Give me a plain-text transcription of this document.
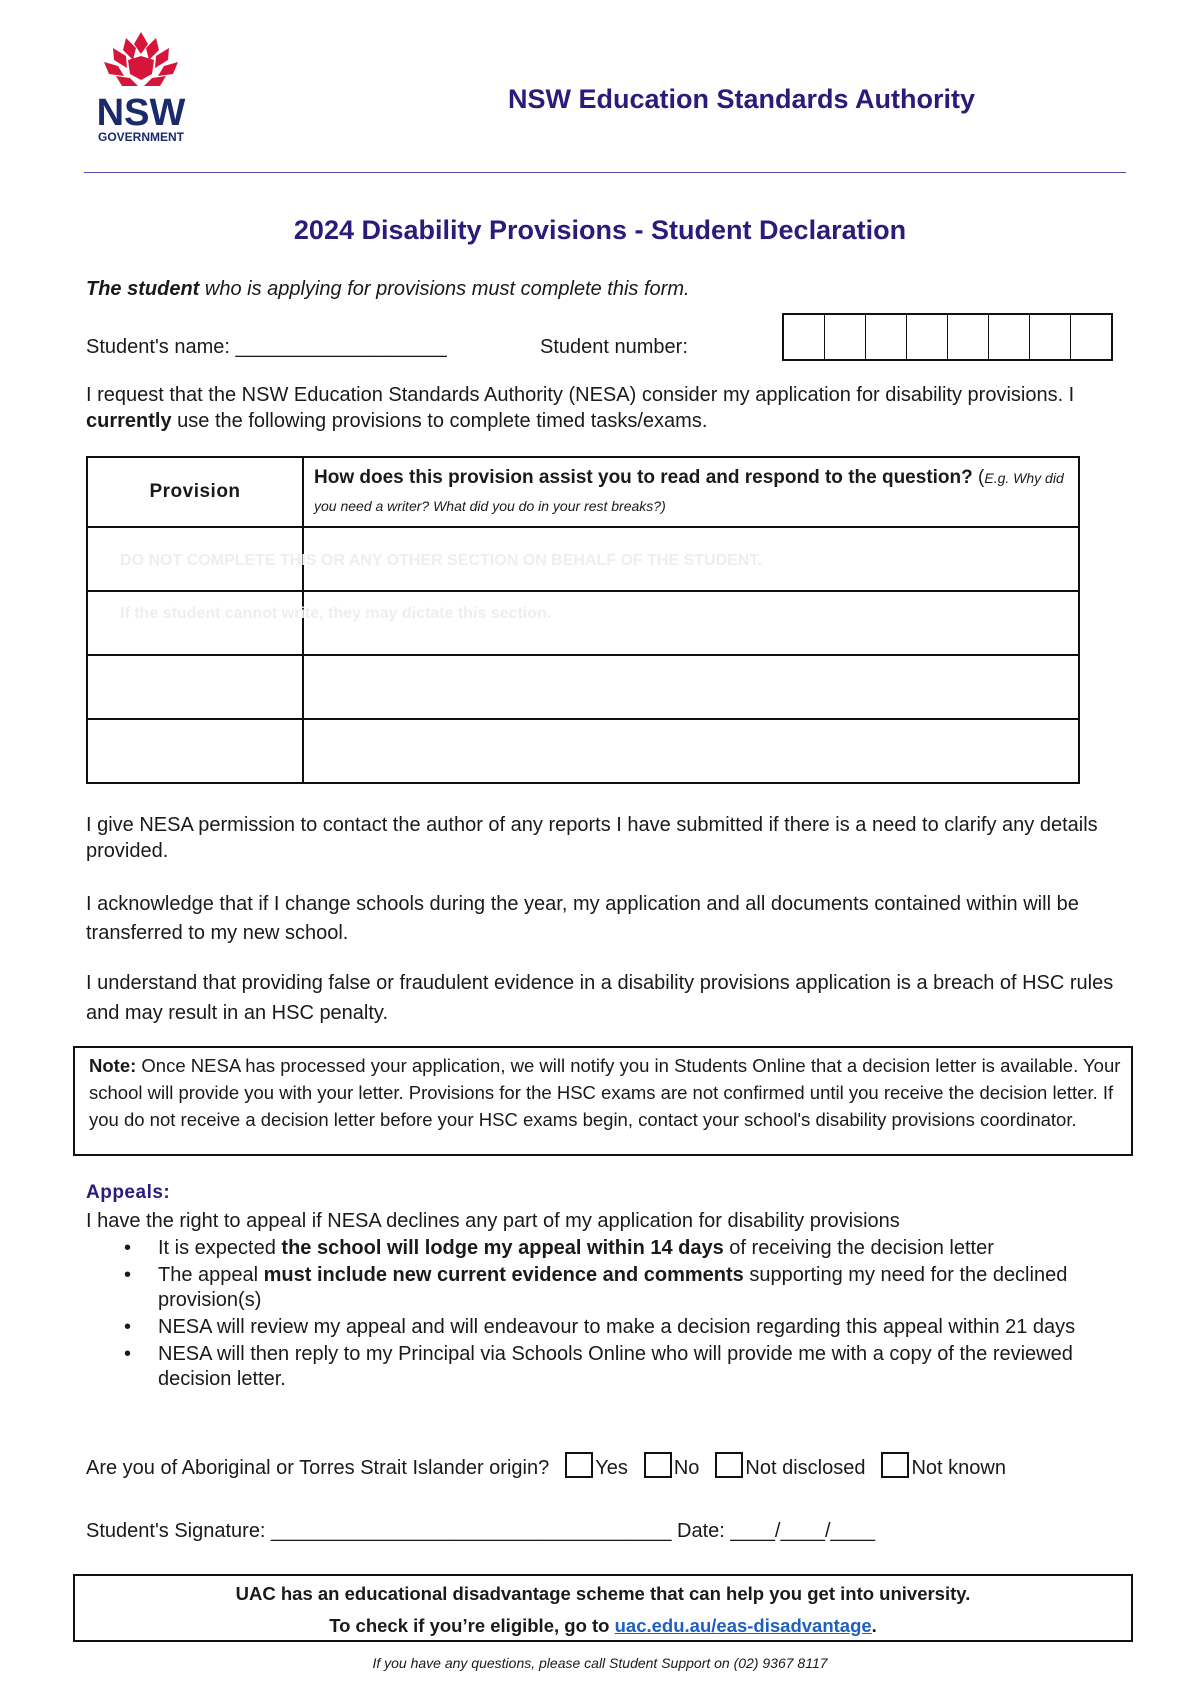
NSW
GOVERNMENT
NSW Education Standards Authority
2024 Disability Provisions - Student Declaration
The student who is applying for provisions must complete this form.
Student's name: ___________________	Student number:
I request that the NSW Education Standards Authority (NESA) consider my application for disability provisions. I currently use the following provisions to complete timed tasks/exams.
Provision	How does this provision assist you to read and respond to the question? (E.g. Why did you need a writer? What did you do in your rest breaks?)

DO NOT COMPLETE THIS OR ANY OTHER SECTION ON BEHALF OF THE STUDENT.
If the student cannot write, they may dictate this section.
I give NESA permission to contact the author of any reports I have submitted if there is a need to clarify any details provided.
I acknowledge that if I change schools during the year, my application and all documents contained within will be transferred to my new school.
I understand that providing false or fraudulent evidence in a disability provisions application is a breach of HSC rules and may result in an HSC penalty.
Note: Once NESA has processed your application, we will notify you in Students Online that a decision letter is available. Your school will provide you with your letter. Provisions for the HSC exams are not confirmed until you receive the decision letter. If you do not receive a decision letter before your HSC exams begin, contact your school's disability provisions coordinator.
Appeals:
I have the right to appeal if NESA declines any part of my application for disability provisions
• It is expected the school will lodge my appeal within 14 days of receiving the decision letter
• The appeal must include new current evidence and comments supporting my need for the declined provision(s)
• NESA will review my appeal and will endeavour to make a decision regarding this appeal within 21 days
• NESA will then reply to my Principal via Schools Online who will provide me with a copy of the reviewed decision letter.
Are you of Aboriginal or Torres Strait Islander origin? Yes No Not disclosed Not known
Student's Signature: ____________________________________ Date: ____/____/____
UAC has an educational disadvantage scheme that can help you get into university.
To check if you’re eligible, go to uac.edu.au/eas-disadvantage.
If you have any questions, please call Student Support on (02) 9367 8117
